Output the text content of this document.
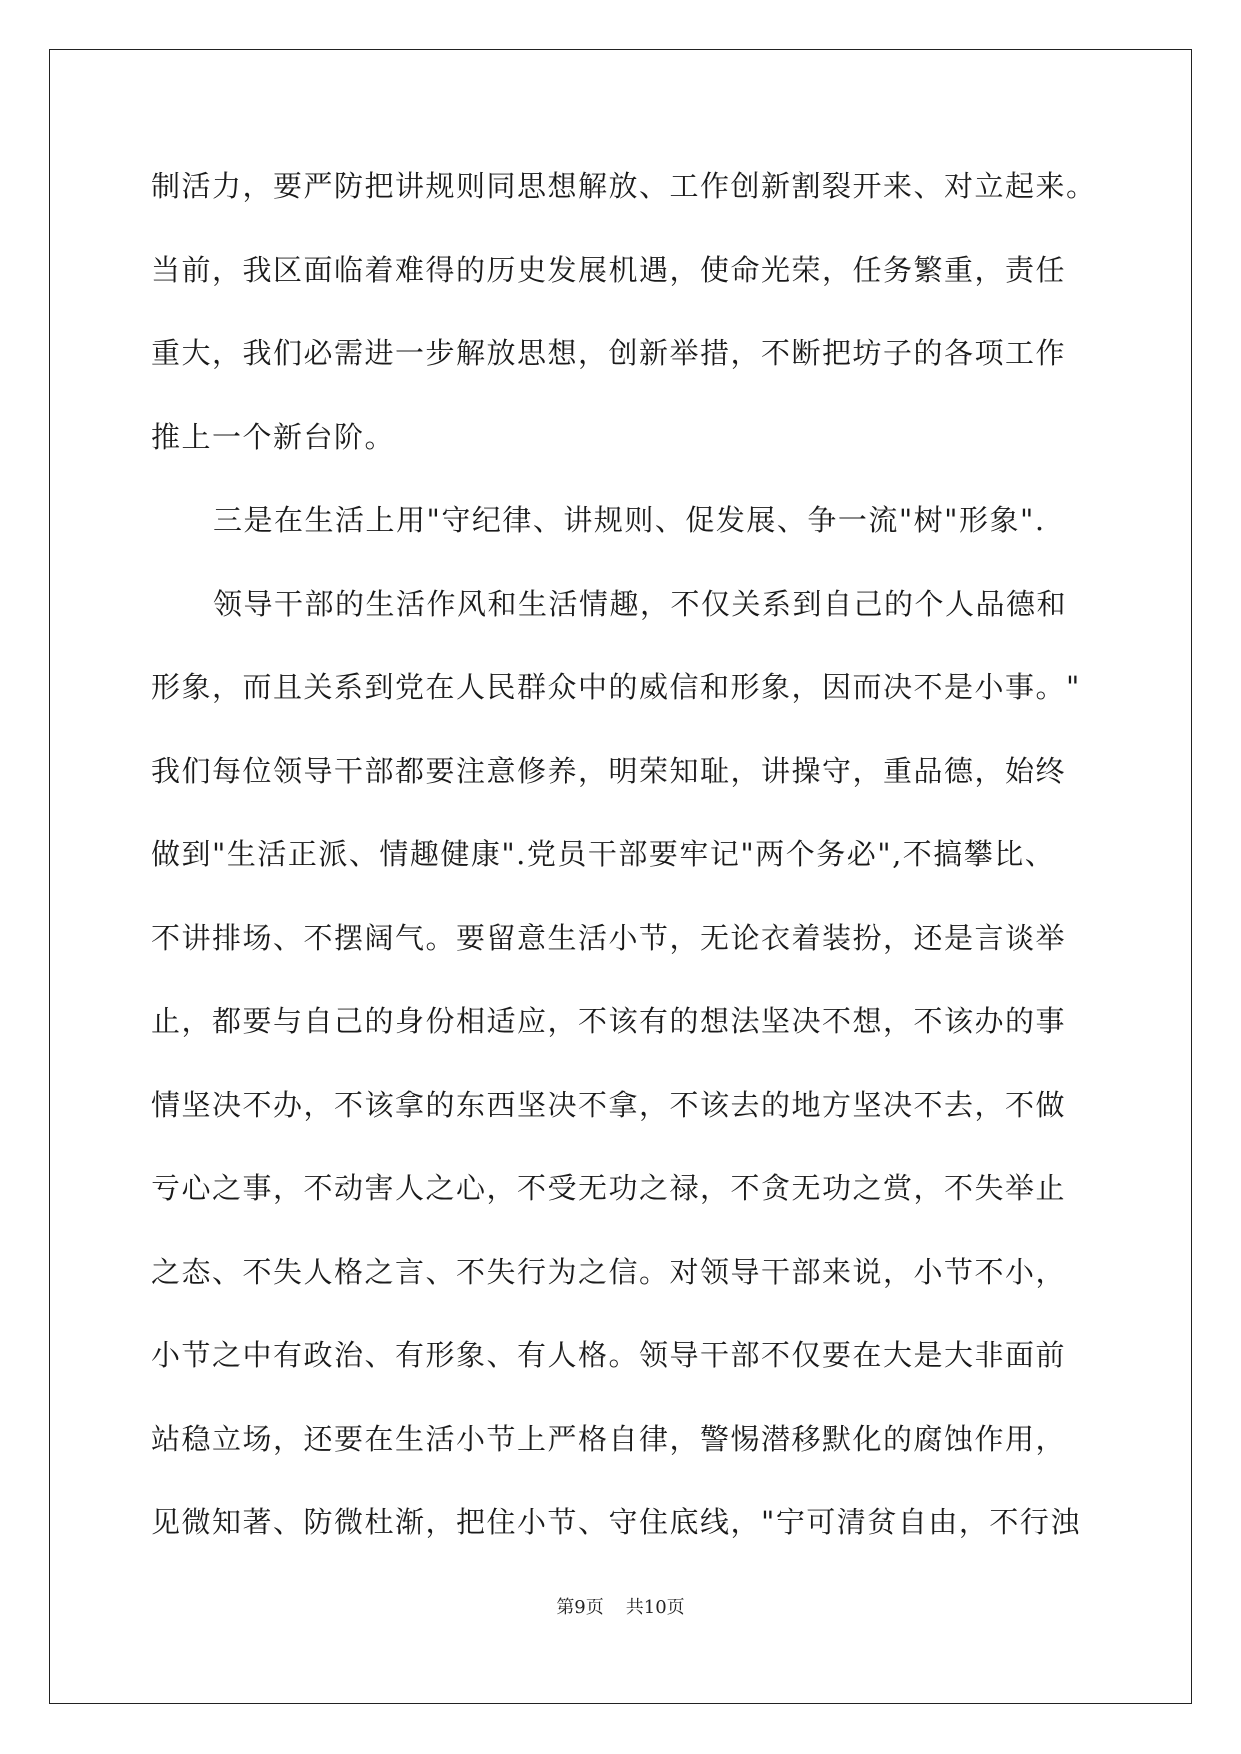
制活力，要严防把讲规则同思想解放、工作创新割裂开来、对立起来。
当前，我区面临着难得的历史发展机遇，使命光荣，任务繁重，责任
重大，我们必需进一步解放思想，创新举措，不断把坊子的各项工作
推上一个新台阶。
三是在生活上用"守纪律、讲规则、促发展、争一流"树"形象".
领导干部的生活作风和生活情趣，不仅关系到自己的个人品德和
形象，而且关系到党在人民群众中的威信和形象，因而决不是小事。"
我们每位领导干部都要注意修养，明荣知耻，讲操守，重品德，始终
做到"生活正派、情趣健康".党员干部要牢记"两个务必",不搞攀比、
不讲排场、不摆阔气。要留意生活小节，无论衣着装扮，还是言谈举
止，都要与自己的身份相适应，不该有的想法坚决不想，不该办的事
情坚决不办，不该拿的东西坚决不拿，不该去的地方坚决不去，不做
亏心之事，不动害人之心，不受无功之禄，不贪无功之赏，不失举止
之态、不失人格之言、不失行为之信。对领导干部来说，小节不小，
小节之中有政治、有形象、有人格。领导干部不仅要在大是大非面前
站稳立场，还要在生活小节上严格自律，警惕潜移默化的腐蚀作用，
见微知著、防微杜渐，把住小节、守住底线，"宁可清贫自由，不行浊
第9页 共10页
